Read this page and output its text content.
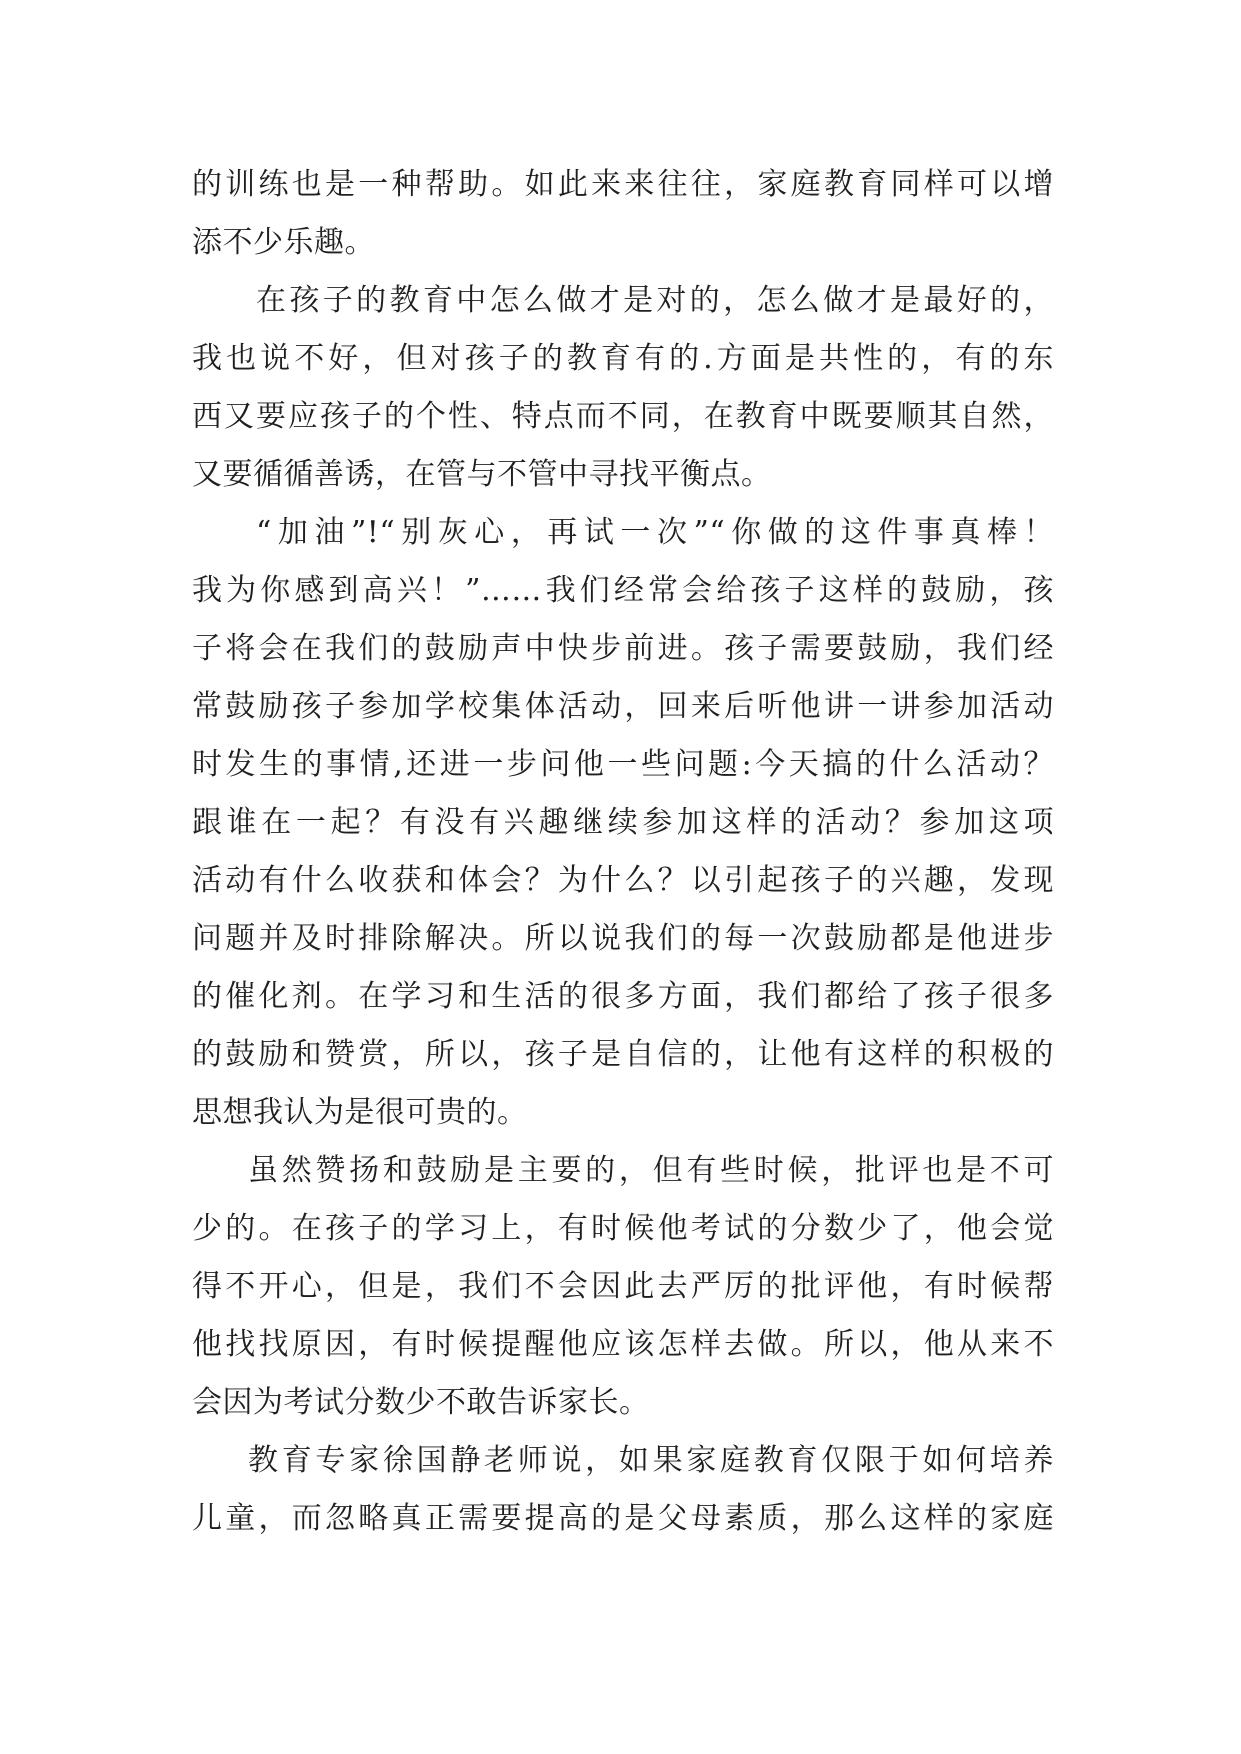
的训练也是一种帮助。如此来来往往，家庭教育同样可以增
添不少乐趣。
在孩子的教育中怎么做才是对的，怎么做才是最好的，
我也说不好，但对孩子的教育有的.方面是共性的，有的东
西又要应孩子的个性、特点而不同，在教育中既要顺其自然，
又要循循善诱，在管与不管中寻找平衡点。
“加油”!“别灰心，再试一次”“你做的这件事真棒！
我为你感到高兴！”……我们经常会给孩子这样的鼓励，孩
子将会在我们的鼓励声中快步前进。孩子需要鼓励，我们经
常鼓励孩子参加学校集体活动，回来后听他讲一讲参加活动
时发生的事情,还进一步问他一些问题:今天搞的什么活动？
跟谁在一起？有没有兴趣继续参加这样的活动？参加这项
活动有什么收获和体会？为什么？以引起孩子的兴趣，发现
问题并及时排除解决。所以说我们的每一次鼓励都是他进步
的催化剂。在学习和生活的很多方面，我们都给了孩子很多
的鼓励和赞赏，所以，孩子是自信的，让他有这样的积极的
思想我认为是很可贵的。
虽然赞扬和鼓励是主要的，但有些时候，批评也是不可
少的。在孩子的学习上，有时候他考试的分数少了，他会觉
得不开心，但是，我们不会因此去严厉的批评他，有时候帮
他找找原因，有时候提醒他应该怎样去做。所以，他从来不
会因为考试分数少不敢告诉家长。
教育专家徐国静老师说，如果家庭教育仅限于如何培养
儿童，而忽略真正需要提高的是父母素质，那么这样的家庭
